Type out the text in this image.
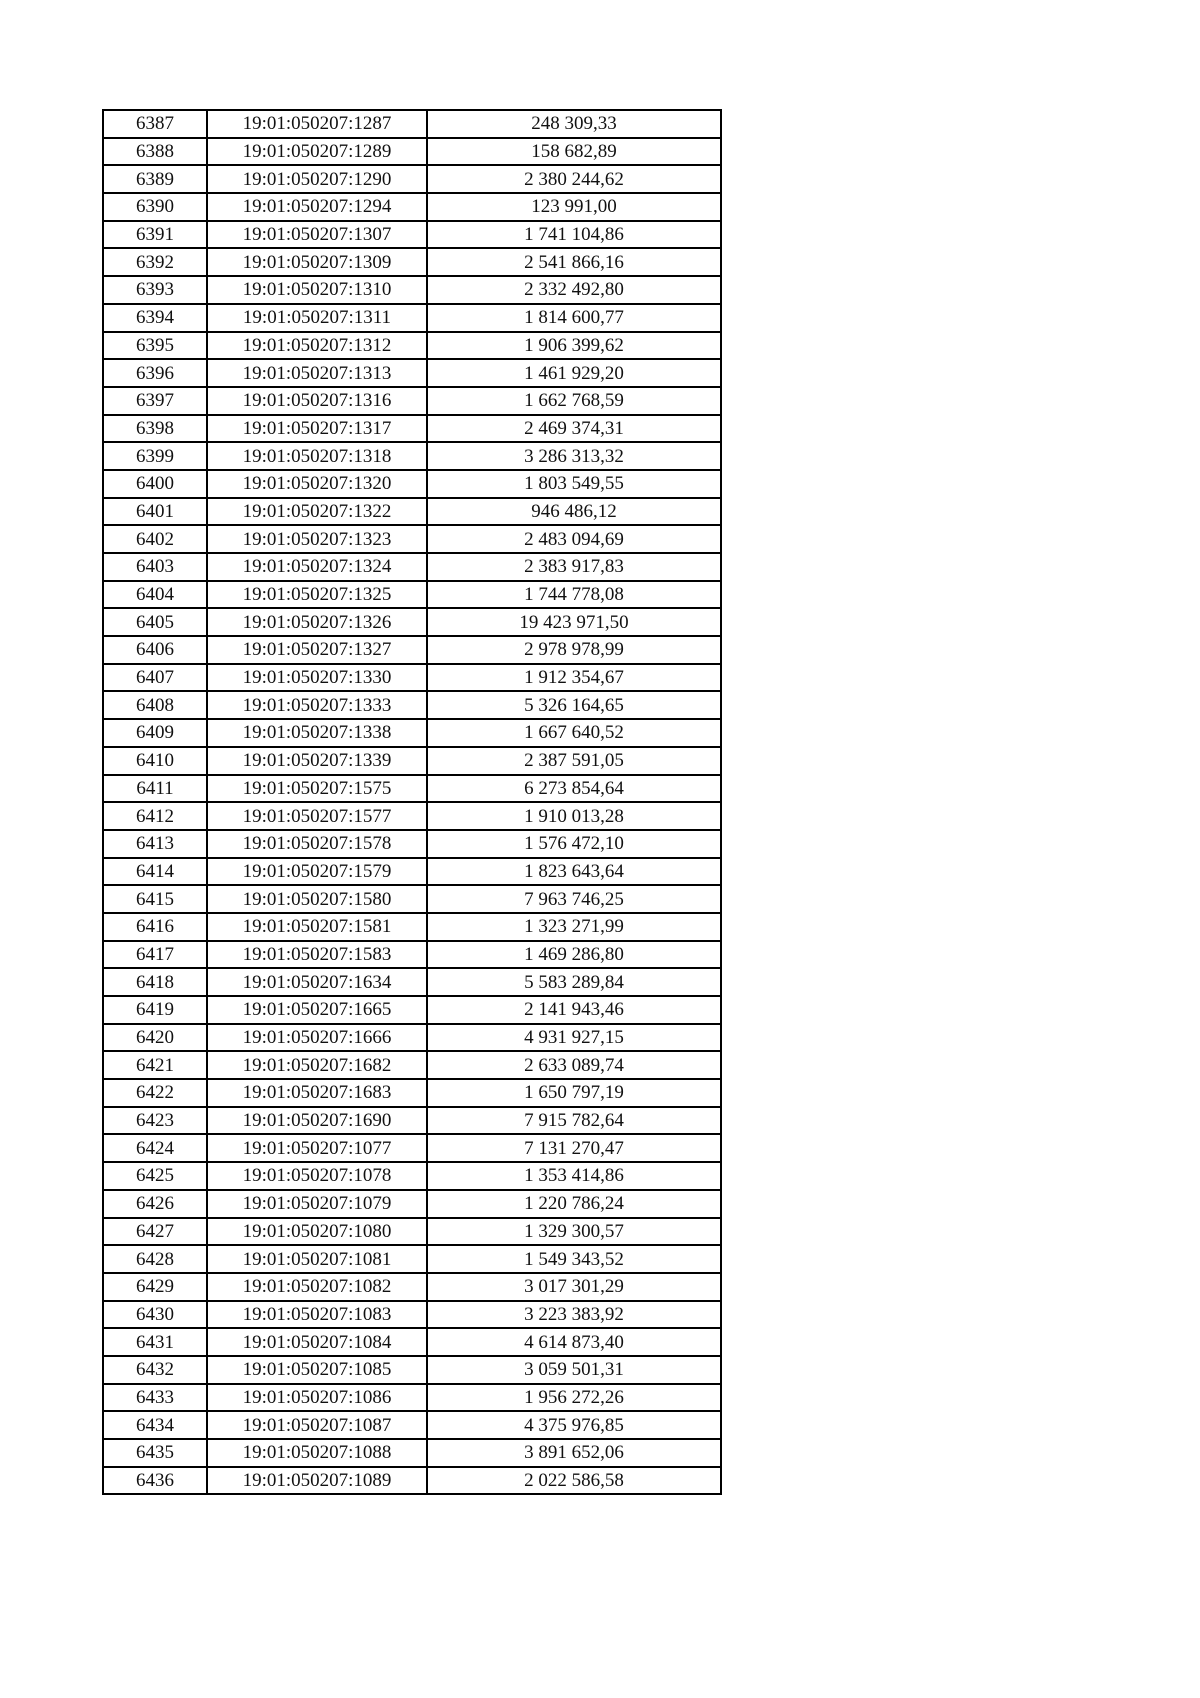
6387	19:01:050207:1287	248 309,33
6388	19:01:050207:1289	158 682,89
6389	19:01:050207:1290	2 380 244,62
6390	19:01:050207:1294	123 991,00
6391	19:01:050207:1307	1 741 104,86
6392	19:01:050207:1309	2 541 866,16
6393	19:01:050207:1310	2 332 492,80
6394	19:01:050207:1311	1 814 600,77
6395	19:01:050207:1312	1 906 399,62
6396	19:01:050207:1313	1 461 929,20
6397	19:01:050207:1316	1 662 768,59
6398	19:01:050207:1317	2 469 374,31
6399	19:01:050207:1318	3 286 313,32
6400	19:01:050207:1320	1 803 549,55
6401	19:01:050207:1322	946 486,12
6402	19:01:050207:1323	2 483 094,69
6403	19:01:050207:1324	2 383 917,83
6404	19:01:050207:1325	1 744 778,08
6405	19:01:050207:1326	19 423 971,50
6406	19:01:050207:1327	2 978 978,99
6407	19:01:050207:1330	1 912 354,67
6408	19:01:050207:1333	5 326 164,65
6409	19:01:050207:1338	1 667 640,52
6410	19:01:050207:1339	2 387 591,05
6411	19:01:050207:1575	6 273 854,64
6412	19:01:050207:1577	1 910 013,28
6413	19:01:050207:1578	1 576 472,10
6414	19:01:050207:1579	1 823 643,64
6415	19:01:050207:1580	7 963 746,25
6416	19:01:050207:1581	1 323 271,99
6417	19:01:050207:1583	1 469 286,80
6418	19:01:050207:1634	5 583 289,84
6419	19:01:050207:1665	2 141 943,46
6420	19:01:050207:1666	4 931 927,15
6421	19:01:050207:1682	2 633 089,74
6422	19:01:050207:1683	1 650 797,19
6423	19:01:050207:1690	7 915 782,64
6424	19:01:050207:1077	7 131 270,47
6425	19:01:050207:1078	1 353 414,86
6426	19:01:050207:1079	1 220 786,24
6427	19:01:050207:1080	1 329 300,57
6428	19:01:050207:1081	1 549 343,52
6429	19:01:050207:1082	3 017 301,29
6430	19:01:050207:1083	3 223 383,92
6431	19:01:050207:1084	4 614 873,40
6432	19:01:050207:1085	3 059 501,31
6433	19:01:050207:1086	1 956 272,26
6434	19:01:050207:1087	4 375 976,85
6435	19:01:050207:1088	3 891 652,06
6436	19:01:050207:1089	2 022 586,58
